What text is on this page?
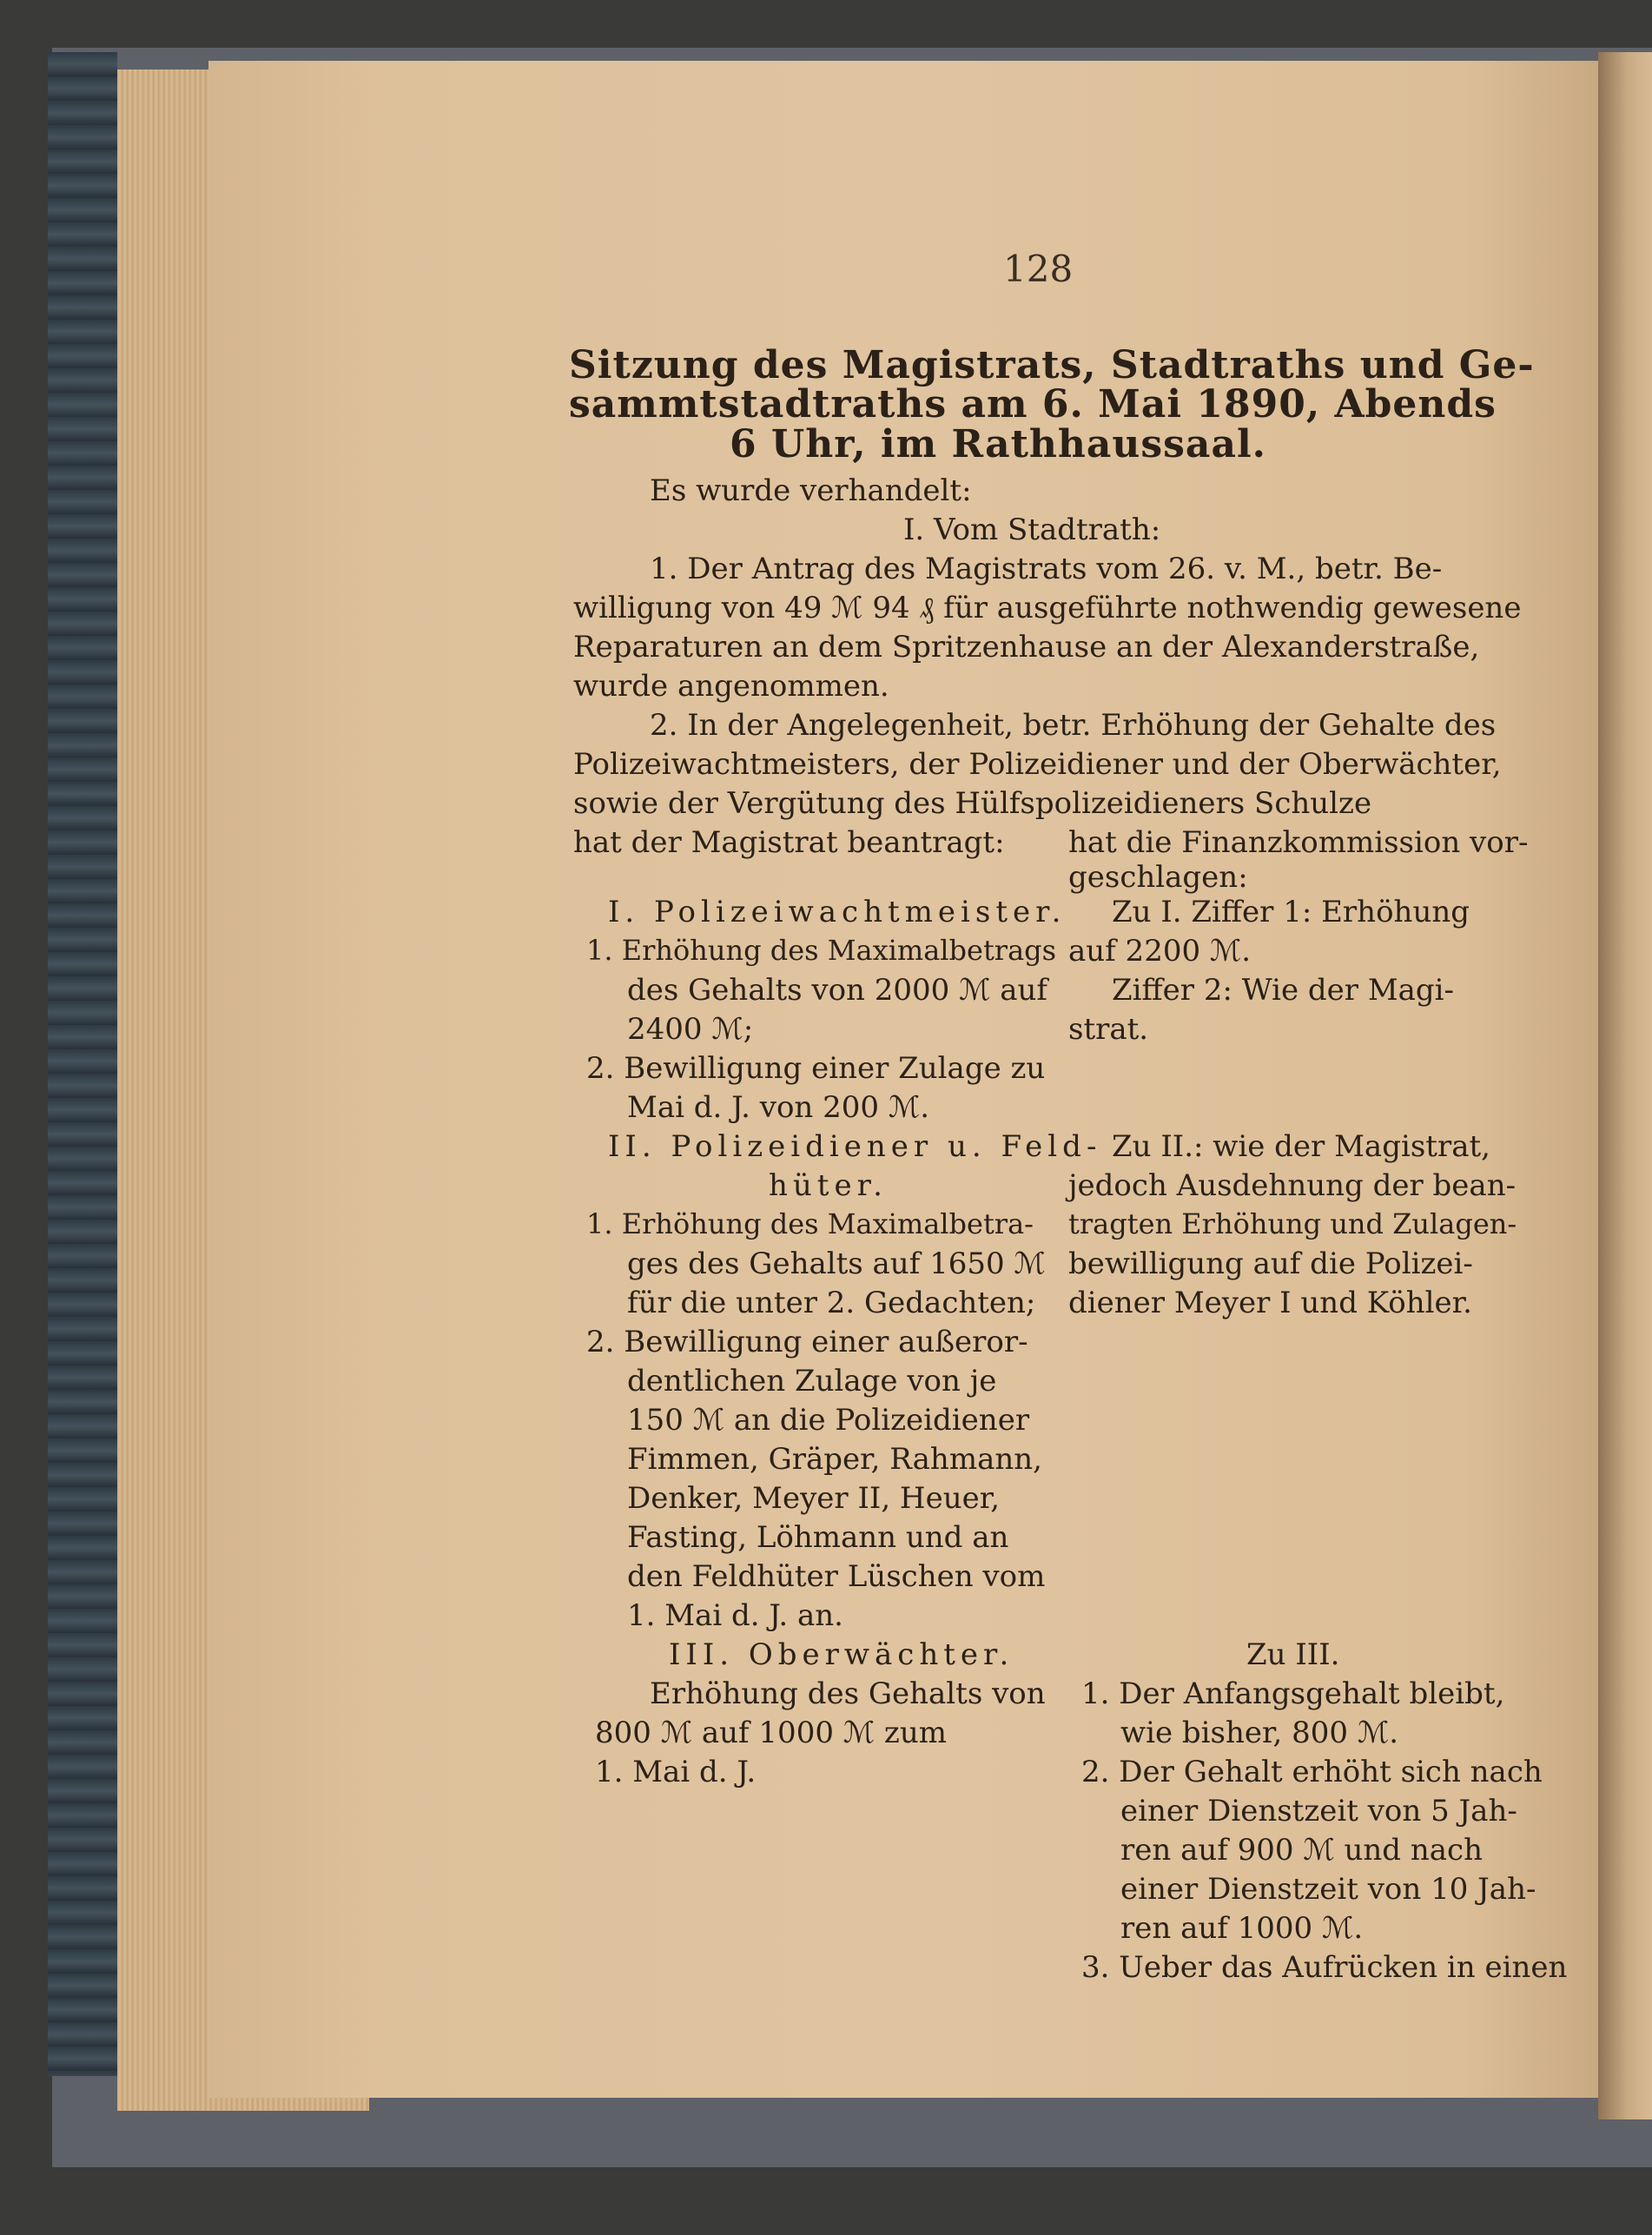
128
Sitzung des Magistrats, Stadtraths und Ge-
sammtstadtraths am 6. Mai 1890, Abends
6 Uhr, im Rathhaussaal.
Es wurde verhandelt:
I. Vom Stadtrath:
1. Der Antrag des Magistrats vom 26. v. M., betr. Be-
willigung von 49 ℳ 94 ₰ für ausgeführte nothwendig gewesene
Reparaturen an dem Spritzenhause an der Alexanderstraße,
wurde angenommen.
2. In der Angelegenheit, betr. Erhöhung der Gehalte des
Polizeiwachtmeisters, der Polizeidiener und der Oberwächter,
sowie der Vergütung des Hülfspolizeidieners Schulze
hat der Magistrat beantragt:
I. Polizeiwachtmeister.
1. Erhöhung des Maximalbetrags
des Gehalts von 2000 ℳ auf
2400 ℳ;
2. Bewilligung einer Zulage zu
Mai d. J. von 200 ℳ.
II. Polizeidiener u. Feld-
hüter.
1. Erhöhung des Maximalbetra-
ges des Gehalts auf 1650 ℳ
für die unter 2. Gedachten;
2. Bewilligung einer außeror-
dentlichen Zulage von je
150 ℳ an die Polizeidiener
Fimmen, Gräper, Rahmann,
Denker, Meyer II, Heuer,
Fasting, Löhmann und an
den Feldhüter Lüschen vom
1. Mai d. J. an.
III. Oberwächter.
Erhöhung des Gehalts von
800 ℳ auf 1000 ℳ zum
1. Mai d. J.
hat die Finanzkommission vor-
geschlagen:
Zu I. Ziffer 1: Erhöhung
auf 2200 ℳ.
Ziffer 2: Wie der Magi-
strat.
Zu II.: wie der Magistrat,
jedoch Ausdehnung der bean-
tragten Erhöhung und Zulagen-
bewilligung auf die Polizei-
diener Meyer I und Köhler.
Zu III.
1. Der Anfangsgehalt bleibt,
wie bisher, 800 ℳ.
2. Der Gehalt erhöht sich nach
einer Dienstzeit von 5 Jah-
ren auf 900 ℳ und nach
einer Dienstzeit von 10 Jah-
ren auf 1000 ℳ.
3. Ueber das Aufrücken in einen
